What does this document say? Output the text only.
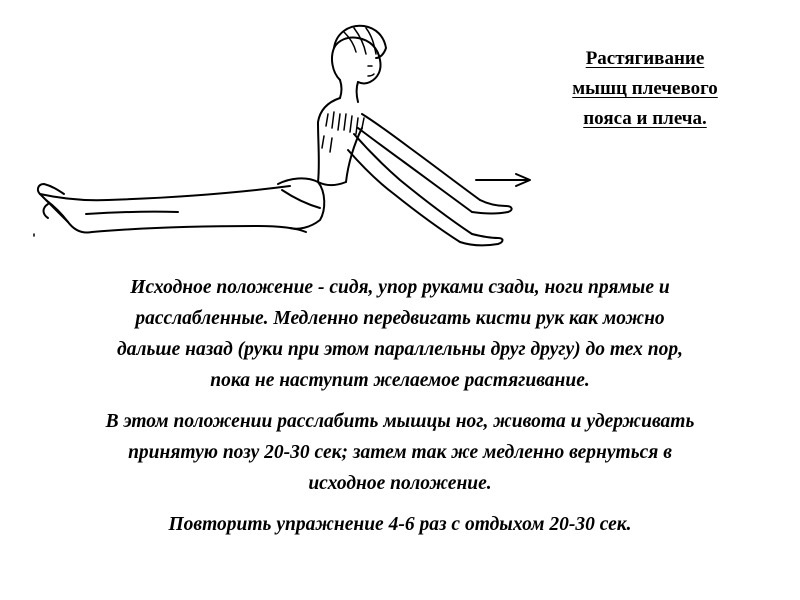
Растягивание
мышц плечевого
пояса и плеча.

Исходное положение - сидя, упор руками сзади, ноги прямые и
расслабленные. Медленно передвигать кисти рук как можно
дальше назад (руки при этом параллельны друг другу) до тех пор,
пока не наступит желаемое растягивание.

В этом положении расслабить мышцы ног, живота и удерживать
принятую позу 20-30 сек; затем так же медленно вернуться в
исходное положение.

Повторить упражнение 4-6 раз с отдыхом 20-30 сек.
